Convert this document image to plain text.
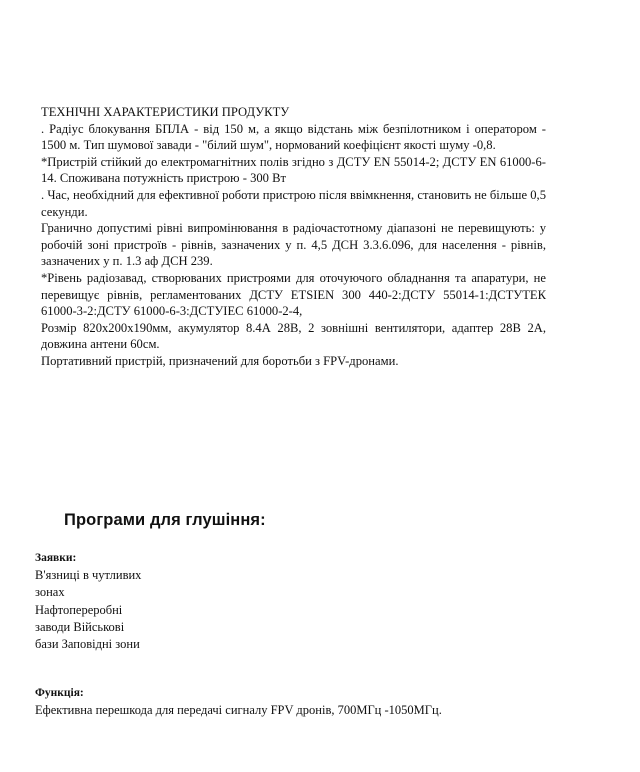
ТЕХНІЧНІ ХАРАКТЕРИСТИКИ ПРОДУКТУ

. Радіус блокування БПЛА - від 150 м, а якщо відстань між безпілотником і оператором - 1500 м. Тип шумової завади - "білий шум", нормований коефіцієнт якості шуму -0,8.

*Пристрій стійкий до електромагнітних полів згідно з ДСТУ EN 55014-2; ДСТУ EN 61000-6-14. Споживана потужність пристрою - 300 Вт

. Час, необхідний для ефективної роботи пристрою після ввімкнення, становить не більше 0,5 секунди.

Гранично допустимі рівні випромінювання в радіочастотному діапазоні не перевищують: у робочій зоні пристроїв - рівнів, зазначених у п. 4,5 ДСН 3.3.6.096, для населення - рівнів, зазначених у п. 1.3 аф ДСН 239.

*Рівень радіозавад, створюваних пристроями для оточуючого обладнання та апаратури, не перевищує рівнів, регламентованих ДСТУ ETSIEN 300 440-2:ДСТУ 55014-1:ДСТУТЕК 61000-3-2:ДСТУ 61000-6-3:ДСТУIEC 61000-2-4,

Розмір 820x200x190мм, акумулятор 8.4А 28В, 2 зовнішні вентилятори, адаптер 28В 2А, довжина антени 60см.

Портативний пристрій, призначений для боротьби з FPV-дронами.

Програми для глушіння:
Заявки:
В'язниці в чутливих
зонах
Нафтопереробні
заводи Військові
бази Заповідні зони
Функція:
Ефективна перешкода для передачі сигналу FPV дронів, 700МГц -1050МГц.
